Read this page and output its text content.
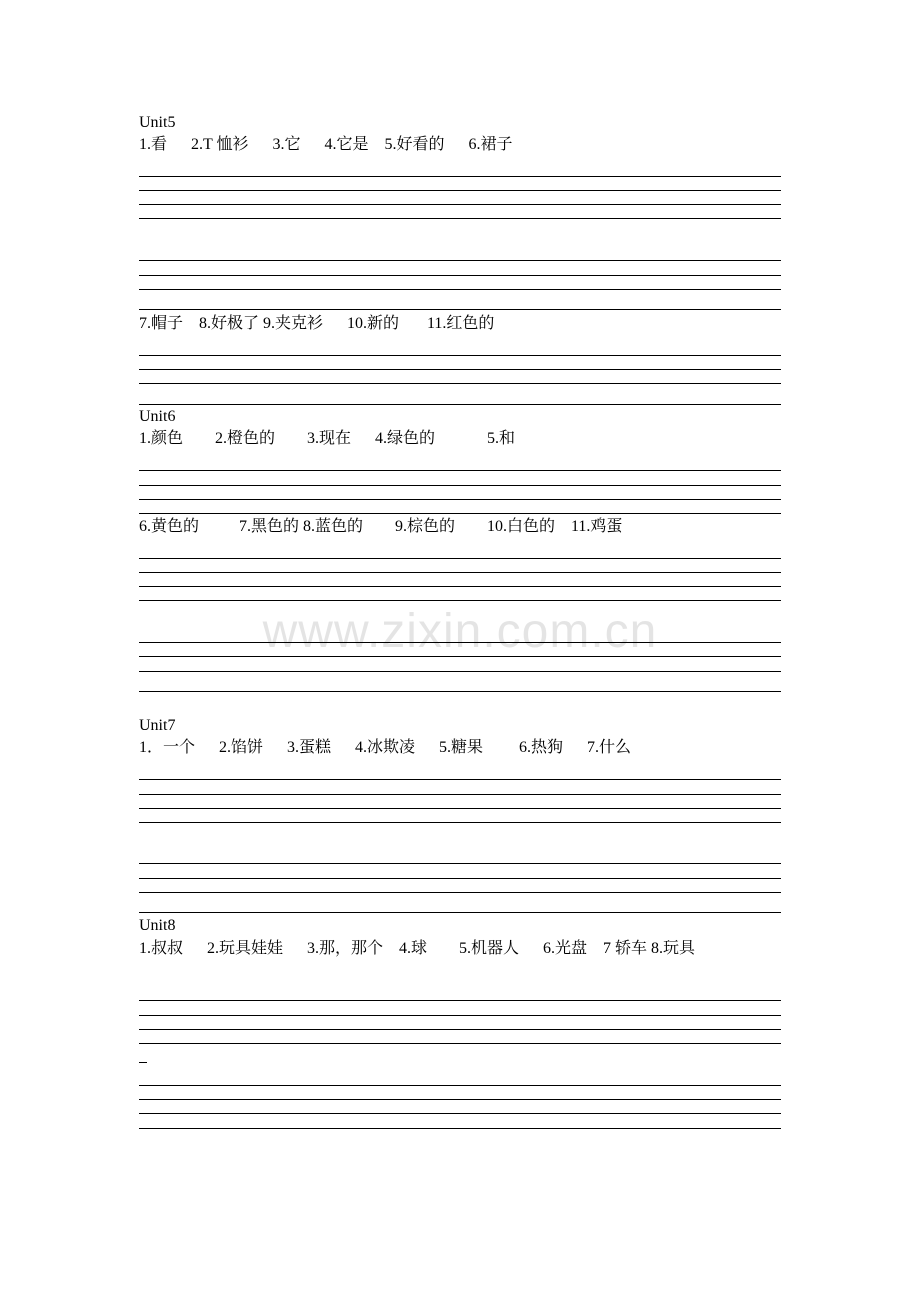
Unit5
1.看      2.T 恤衫      3.它      4.它是    5.好看的      6.裙子
7.帽子    8.好极了 9.夹克衫      10.新的       11.红色的
Unit6
1.颜色        2.橙色的        3.现在      4.绿色的             5.和
6.黄色的          7.黑色的 8.蓝色的        9.棕色的        10.白色的    11.鸡蛋
Unit7
1．一个      2.馅饼      3.蛋糕      4.冰欺凌      5.糖果         6.热狗      7.什么
Unit8
1.叔叔      2.玩具娃娃      3.那，那个    4.球        5.机器人      6.光盘    7 轿车 8.玩具
www.zixin.com.cn
